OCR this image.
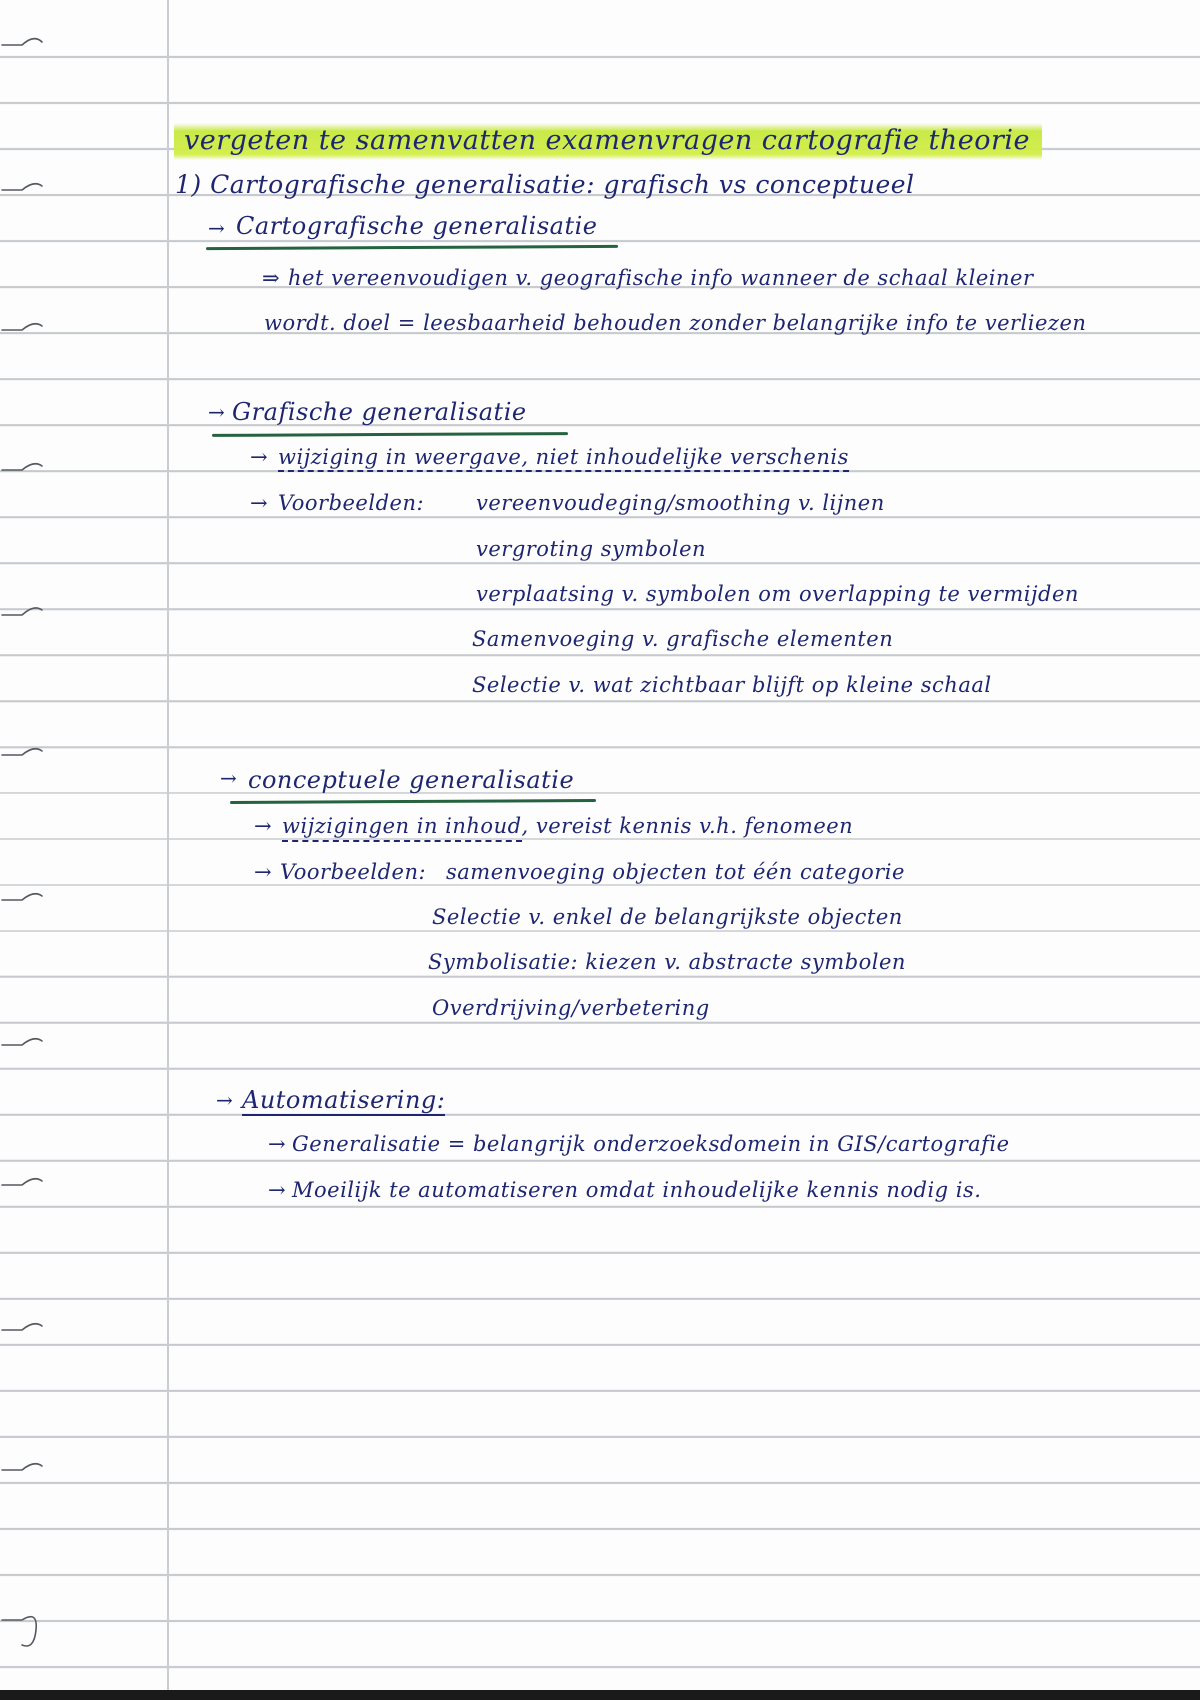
vergeten te samenvatten examenvragen cartografie theorie
1) Cartografische generalisatie: grafisch vs conceptueel
→ Cartografische generalisatie
⇒ het vereenvoudigen v. geografische info wanneer de schaal kleiner
wordt. doel = leesbaarheid behouden zonder belangrijke info te verliezen
→ Grafische generalisatie
→ wijziging in weergave, niet inhoudelijke verschenis
→ Voorbeelden: vereenvoudeging/smoothing v. lijnen
vergroting symbolen
verplaatsing v. symbolen om overlapping te vermijden
Samenvoeging v. grafische elementen
Selectie v. wat zichtbaar blijft op kleine schaal
→ conceptuele generalisatie
→ wijzigingen in inhoud, vereist kennis v.h. fenomeen
→ Voorbeelden: samenvoeging objecten tot één categorie
Selectie v. enkel de belangrijkste objecten
Symbolisatie: kiezen v. abstracte symbolen
Overdrijving/verbetering
→ Automatisering:
→ Generalisatie = belangrijk onderzoeksdomein in GIS/cartografie
→ Moeilijk te automatiseren omdat inhoudelijke kennis nodig is.
